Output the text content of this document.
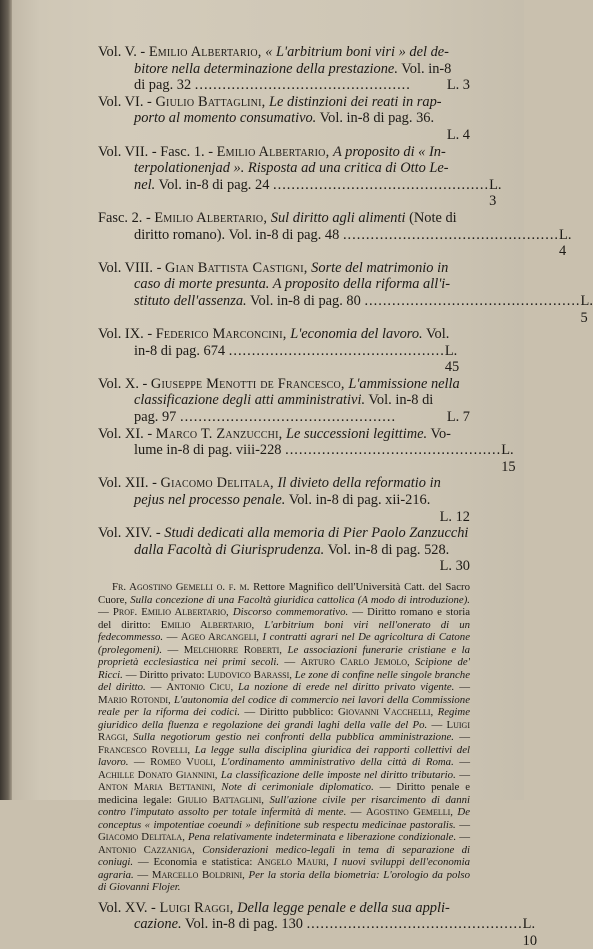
Vol. V. - Emilio Albertario, « L'arbitrium boni viri » del de-

bitore nella determinazione della prestazione. Vol. in-8

di pag. 32 ............................................... L. 3

Vol. VI. - Giulio Battaglini, Le distinzioni dei reati in rap-

porto al momento consumativo. Vol. in-8 di pag. 36.

L. 4

Vol. VII. - Fasc. 1. - Emilio Albertario, A proposito di « In-

terpolationenjad ». Risposta ad una critica di Otto Le-

nel. Vol. in-8 di pag. 24 ............................................... L. 3

Fasc. 2. - Emilio Albertario, Sul diritto agli alimenti (Note di

diritto romano). Vol. in-8 di pag. 48 ............................................... L. 4

Vol. VIII. - Gian Battista Castigni, Sorte del matrimonio in

caso di morte presunta. A proposito della riforma all'i-

stituto dell'assenza. Vol. in-8 di pag. 80 ............................................... L. 5

Vol. IX. - Federico Marconcini, L'economia del lavoro. Vol.

in-8 di pag. 674 ............................................... L. 45

Vol. X. - Giuseppe Menotti de Francesco, L'ammissione nella

classificazione degli atti amministrativi. Vol. in-8 di

pag. 97 ...............................................	L. 7

Vol. XI. - Marco T. Zanzucchi, Le successioni legittime. Vo-

lume in-8 di pag. viii-228 ............................................... L. 15

Vol. XII. - Giacomo Delitala, Il divieto della reformatio in

pejus nel processo penale. Vol. in-8 di pag. xii-216.

L. 12

Vol. XIV. - Studi dedicati alla memoria di Pier Paolo Zanzucchi

dalla Facoltà di Giurisprudenza. Vol. in-8 di pag. 528.

L. 30

Fr. Agostino Gemelli o. f. m. Rettore Magnifico dell'Università Catt. del Sacro Cuore, Sulla concezione di una Facoltà giuridica cattolica (A modo di introduzione). — Prof. Emilio Albertario, Discorso commemorativo. — Diritto romano e storia del diritto: Emilio Albertario, L'arbitrium boni viri nell'onerato di un fedecommesso. — Ageo Arcangeli, I contratti agrari nel De agricoltura di Catone (prolegomeni). — Melchiorre Roberti, Le associazioni funerarie cristiane e la proprietà ecclesiastica nei primi secoli. — Arturo Carlo Jemolo, Scipione de' Ricci. — Diritto privato: Ludovico Barassi, Le zone di confine nelle singole branche del diritto. — Antonio Cicu, La nozione di erede nel diritto privato vigente. — Mario Rotondi, L'autonomia del codice di commercio nei lavori della Commissione reale per la riforma dei codici. — Diritto pubblico: Giovanni Vacchelli, Regime giuridico della fluenza e regolazione dei grandi laghi della valle del Po. — Luigi Raggi, Sulla negotiorum gestio nei confronti della pubblica amministrazione. — Francesco Rovelli, La legge sulla disciplina giuridica dei rapporti collettivi del lavoro. — Romeo Vuoli, L'ordinamento amministrativo della città di Roma. — Achille Donato Giannini, La classificazione delle imposte nel diritto tributario. — Anton Maria Bettanini, Note di cerimoniale diplomatico. — Diritto penale e medicina legale: Giulio Battaglini, Sull'azione civile per risarcimento di danni contro l'imputato assolto per totale infermità di mente. — Agostino Gemelli, De conceptus « impotentiae coeundi » definitione sub respectu medicinae pastoralis. — Giacomo Delitala, Pena relativamente indeterminata e liberazione condizionale. — Antonio Cazzaniga, Considerazioni medico-legali in tema di separazione di coniugi. — Economia e statistica: Angelo Mauri, I nuovi sviluppi dell'economia agraria. — Marcello Boldrini, Per la storia della biometria: L'orologio da polso di Giovanni Flojer.

Vol. XV. - Luigi Raggi, Della legge penale e della sua appli-

cazione. Vol. in-8 di pag. 130 ............................................... L. 10
